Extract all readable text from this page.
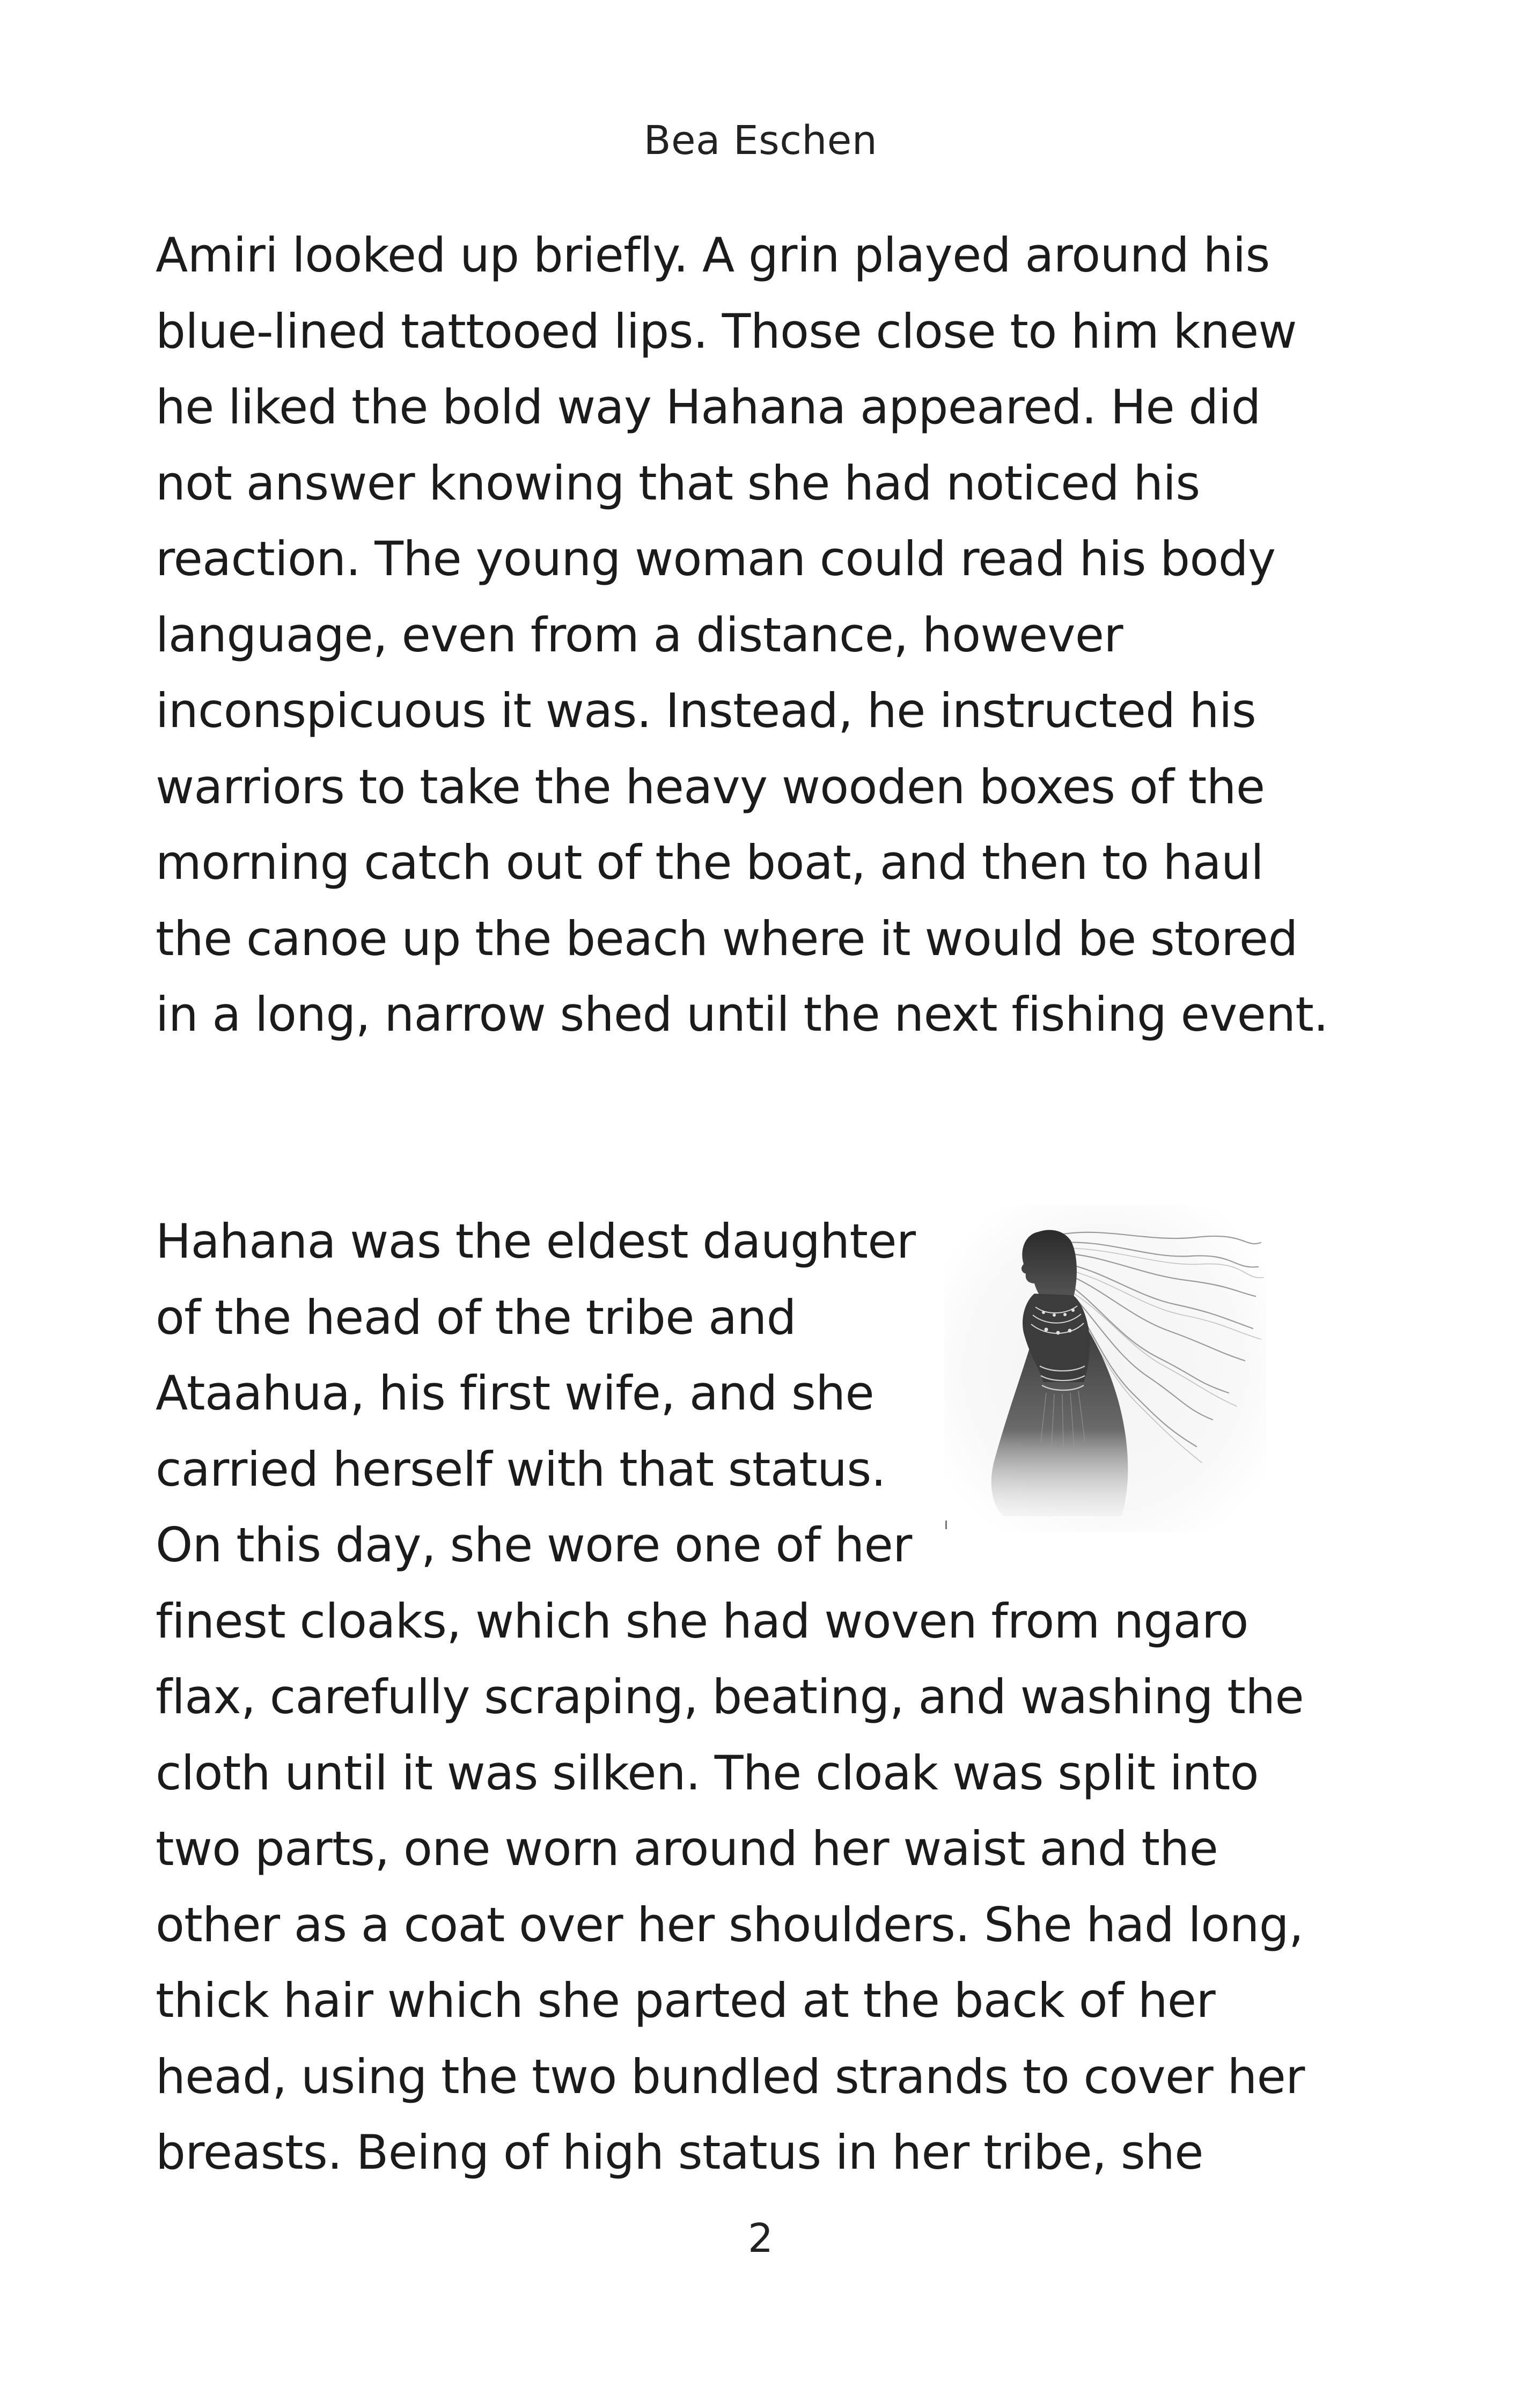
Bea Eschen
Amiri looked up briefly. A grin played around his
blue-lined tattooed lips. Those close to him knew
he liked the bold way Hahana appeared. He did
not answer knowing that she had noticed his
reaction. The young woman could read his body
language, even from a distance, however
inconspicuous it was. Instead, he instructed his
warriors to take the heavy wooden boxes of the
morning catch out of the boat, and then to haul
the canoe up the beach where it would be stored
in a long, narrow shed until the next fishing event.
Hahana was the eldest daughter
of the head of the tribe and
Ataahua, his first wife, and she
carried herself with that status.
On this day, she wore one of her
finest cloaks, which she had woven from ngaro
flax, carefully scraping, beating, and washing the
cloth until it was silken. The cloak was split into
two parts, one worn around her waist and the
other as a coat over her shoulders. She had long,
thick hair which she parted at the back of her
head, using the two bundled strands to cover her
breasts. Being of high status in her tribe, she
2
